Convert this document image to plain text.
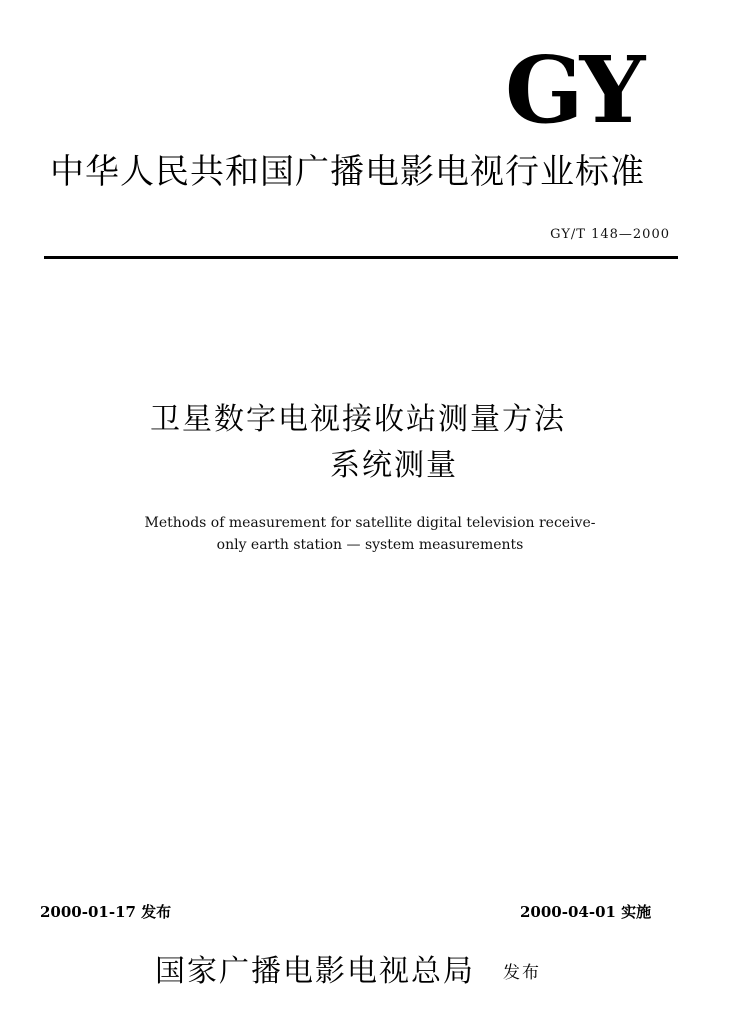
GY
中华人民共和国广播电影电视行业标准
GY/T 148—2000
卫星数字电视接收站测量方法
系统测量
Methods of measurement for satellite digital television receive-
only earth station — system measurements
2000-01-17 发布	2000-04-01 实施
国家广播电影电视总局 发布
